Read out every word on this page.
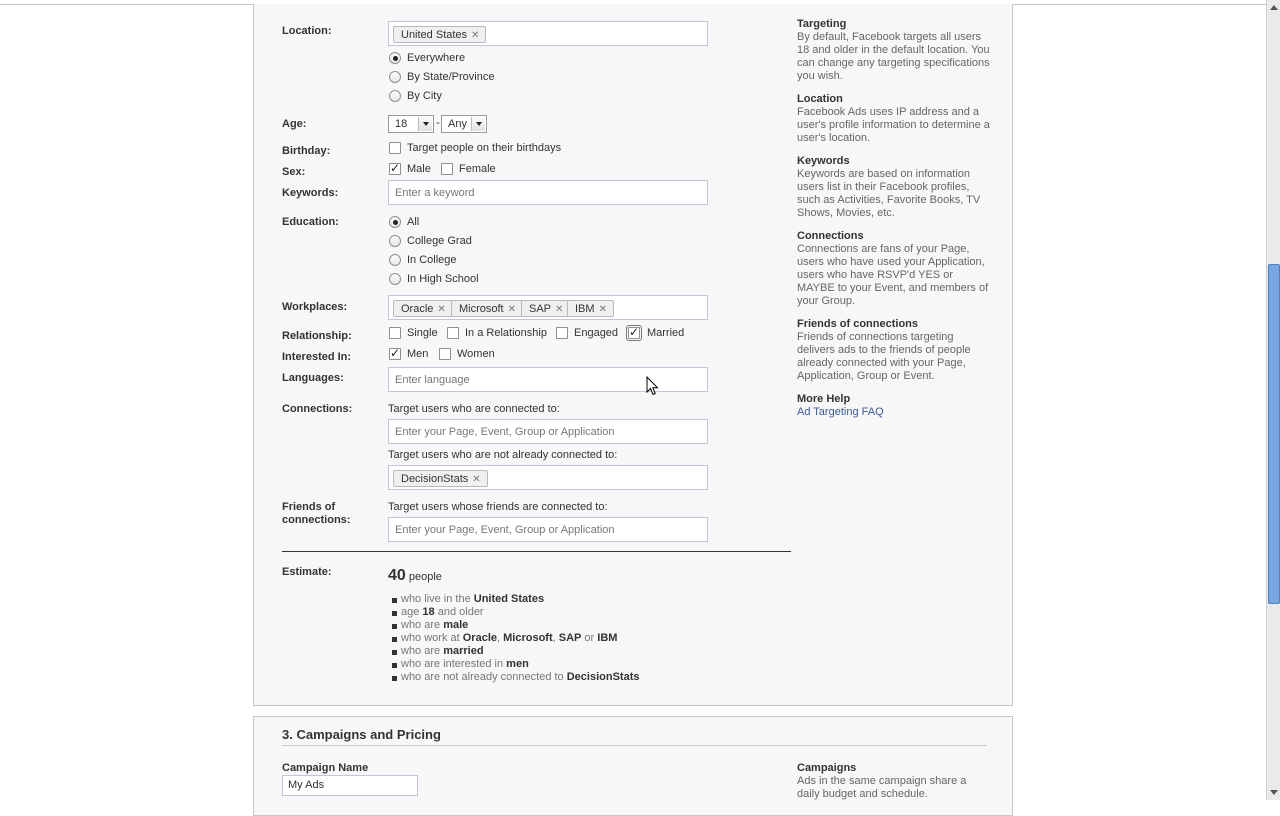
Location:	United States ✕
Everywhere
By State/Province
By City
Age:	18	- Any
Birthday:	Target people on their birthdays
Sex: ✓	Male	Female
Keywords:	Enter a keyword
Education:	All
College Grad
In College
In High School
Workplaces:	Oracle ✕	Microsoft ✕	SAP ✕	IBM ✕
Relationship:	Single In a Relationship Engaged ✓	Married
Interested In: ✓	Men	Women
Languages:	Enter language
Connections:	Target users who are connected to:
Enter your Page, Event, Group or Application
Target users who are not already connected to:
DecisionStats ✕
Friends of
connections:
Target users whose friends are connected to:
Enter your Page, Event, Group or Application
Estimate:	40 people
who live in the United States
age 18 and older
who are male
who work at Oracle, Microsoft, SAP or IBM
who are married
who are interested in men
who are not already connected to DecisionStats
Targeting
By default, Facebook targets all users 18 and older in the default location. You can change any targeting specifications you wish.
Location
Facebook Ads uses IP address and a user's profile information to determine a user's location.
Keywords
Keywords are based on information users list in their Facebook profiles, such as Activities, Favorite Books, TV Shows, Movies, etc.
Connections
Connections are fans of your Page, users who have used your Application, users who have RSVP'd YES or MAYBE to your Event, and members of your Group.
Friends of connections
Friends of connections targeting delivers ads to the friends of people already connected with your Page, Application, Group or Event.
More Help
Ad Targeting FAQ
3. Campaigns and Pricing
Campaign Name
My Ads
Campaigns
Ads in the same campaign share a daily budget and schedule.
